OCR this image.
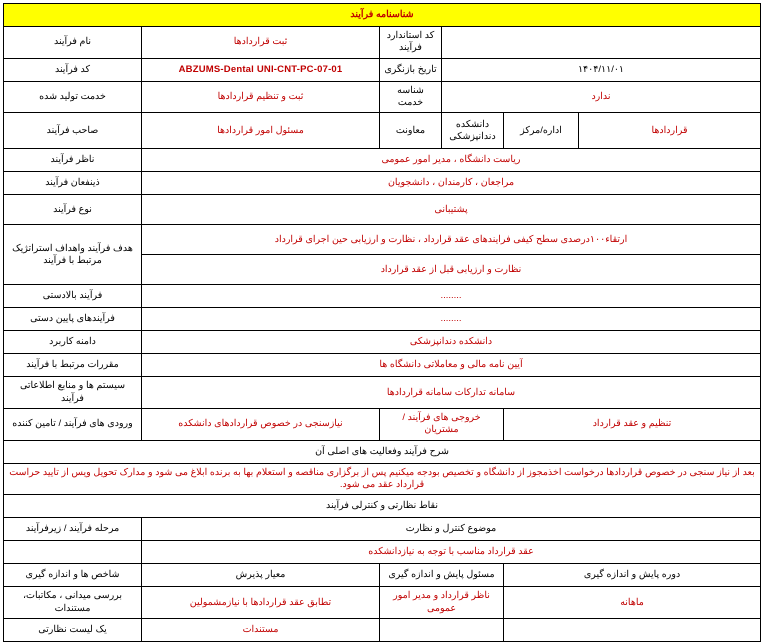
شناسنامه فرآیند					
			کد استاندارد فرآیند	ثبت قراردادها	نام فرآیند
۱۴۰۴/۱۱/۰۱			تاریخ بازنگری	ABZUMS-Dental UNI-CNT-PC-07-01	کد فرآیند
ندارد			شناسه خدمت	ثبت و تنظیم قراردادها	خدمت تولید شده
قراردادها	اداره/مرکز	دانشکده دندانپزشکی	معاونت	مسئول امور قراردادها	صاحب فرآیند
ریاست دانشگاه ، مدیر امور عمومی					ناظر فرآیند
مراجعان ، کارمندان ، دانشجویان					ذینفعان فرآیند
پشتیبانی					نوع فرآیند
ارتقاء۱۰۰درصدی سطح کیفی فرایندهای عقد قرارداد ، نظارت و ارزیابی حین اجرای قرارداد					هدف فرآیند واهداف استراتژیک مرتبط با فرآیند
نظارت و ارزیابی قبل از عقد قرارداد					
........					فرآیند بالادستی
........					فرآیندهای پایین دستی
دانشکده دندانپزشکی					دامنه کاربرد
آیین نامه مالی و معاملاتی دانشگاه ها					مقررات مرتبط با فرآیند
سامانه تدارکات سامانه قراردادها					سیستم ها و منابع اطلاعاتی فرآیند
تنظیم و عقد قرارداد		خروجی های فرآیند / مشتریان		نیازسنجی در خصوص قراردادهای دانشکده	ورودی های فرآیند / تامین کننده
شرح فرآیند وفعالیت های اصلی آن					
بعد از نیاز سنجی در خصوص قراردادها درخواست اخذمجوز از دانشگاه و تخصیص بودجه میکنیم پس از برگزاری مناقصه و استعلام بها به برنده ابلاغ می شود و مدارک تحویل ویس از تایید حراست قرارداد عقد می شود.					
نقاط نظارتی و کنترلی فرآیند					
موضوع کنترل و نظارت					مرحله فرآیند / زیرفرآیند
عقد قرارداد مناسب با توجه به نیازدانشکده					
دوره پایش و اندازه گیری		مسئول پایش و اندازه گیری		معیار پذیرش	شاخص ها و اندازه گیری
ماهانه		ناظر قرارداد و مدیر امور عمومی		تطابق عقد قراردادها با نیازمشمولین	بررسی میدانی ، مکاتبات، مستندات
				مستندات	یک لیست نظارتی
